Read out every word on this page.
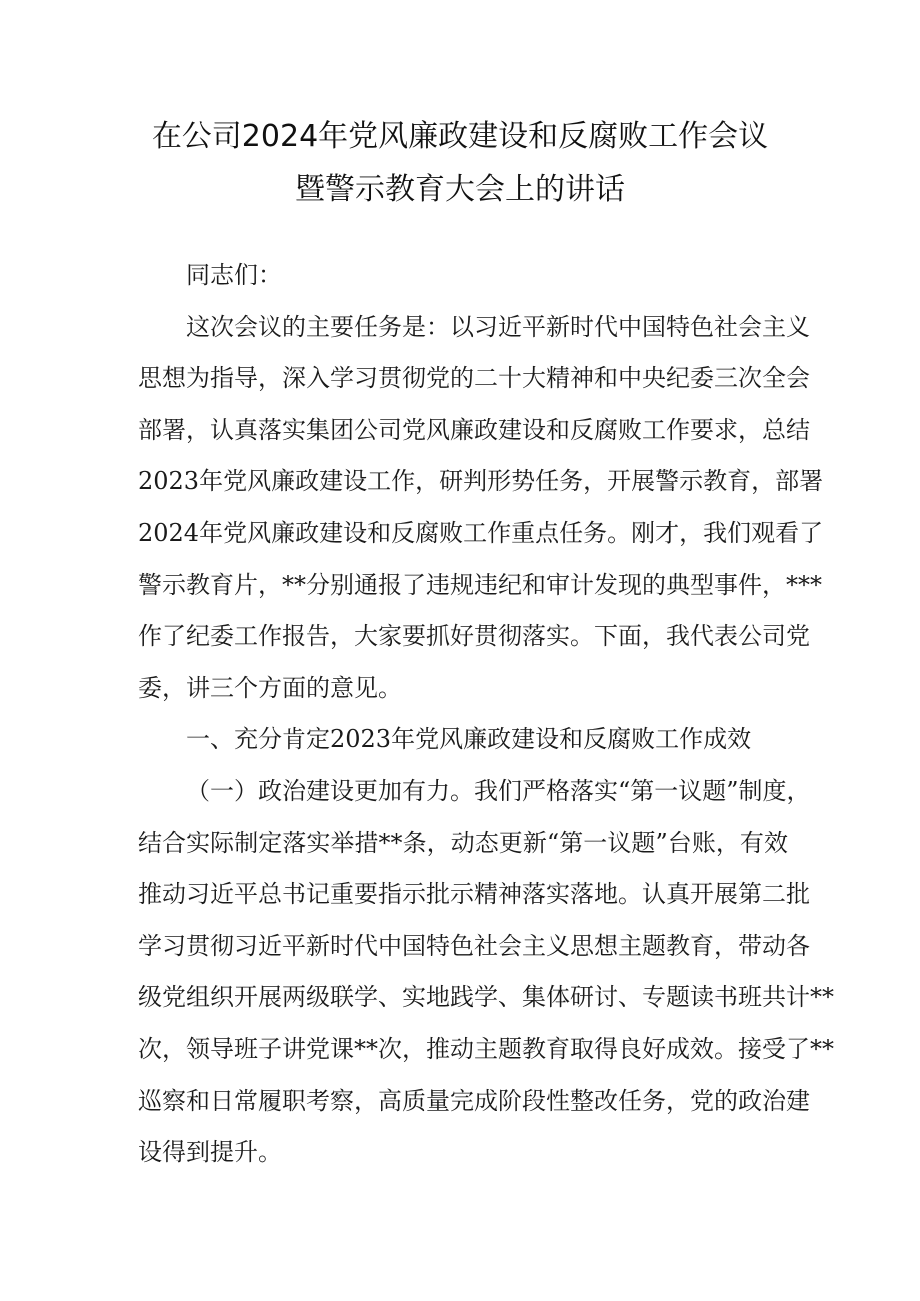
在公司2024年党风廉政建设和反腐败工作会议
暨警示教育大会上的讲话
同志们：
这次会议的主要任务是：以习近平新时代中国特色社会主义
思想为指导，深入学习贯彻党的二十大精神和中央纪委三次全会
部署，认真落实集团公司党风廉政建设和反腐败工作要求，总结
2023年党风廉政建设工作，研判形势任务，开展警示教育，部署
2024年党风廉政建设和反腐败工作重点任务。刚才，我们观看了
警示教育片，**分别通报了违规违纪和审计发现的典型事件，***
作了纪委工作报告，大家要抓好贯彻落实。下面，我代表公司党
委，讲三个方面的意见。
一、充分肯定2023年党风廉政建设和反腐败工作成效
（一）政治建设更加有力。我们严格落实“第一议题”制度，
结合实际制定落实举措**条，动态更新“第一议题”台账，有效
推动习近平总书记重要指示批示精神落实落地。认真开展第二批
学习贯彻习近平新时代中国特色社会主义思想主题教育，带动各
级党组织开展两级联学、实地践学、集体研讨、专题读书班共计**
次，领导班子讲党课**次，推动主题教育取得良好成效。接受了**
巡察和日常履职考察，高质量完成阶段性整改任务，党的政治建
设得到提升。
